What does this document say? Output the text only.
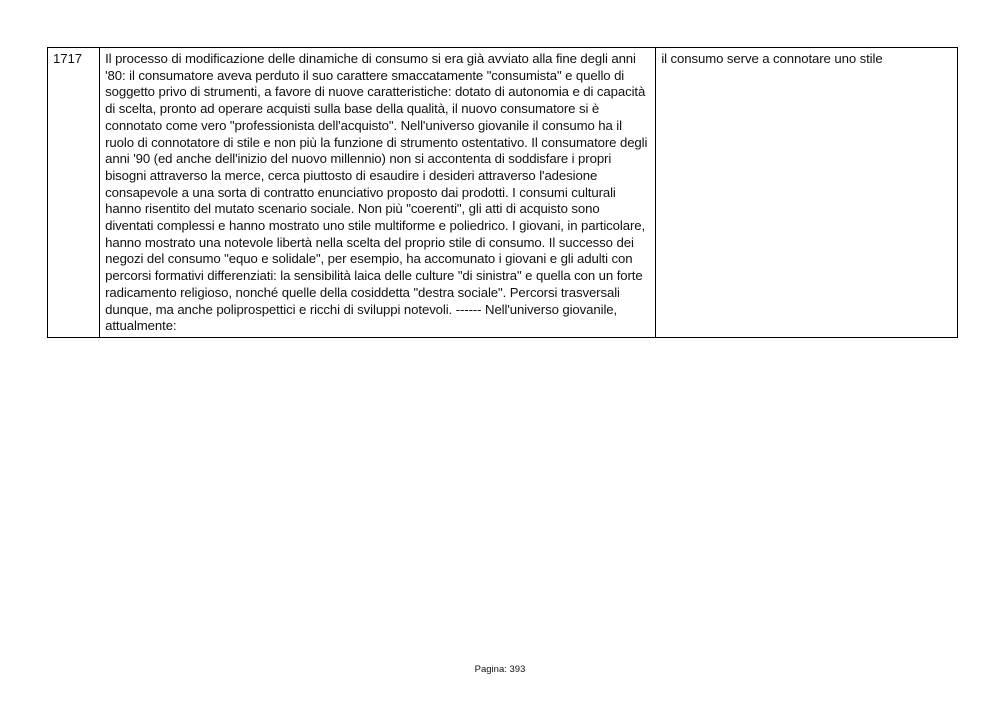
1717	Il processo di modificazione delle dinamiche di consumo si era già avviato alla fine degli anni '80: il consumatore aveva perduto il suo carattere smaccatamente "consumista" e quello di soggetto privo di strumenti, a favore di nuove caratteristiche: dotato di autonomia e di capacità di scelta, pronto ad operare acquisti sulla base della qualità, il nuovo consumatore si è connotato come vero "professionista dell'acquisto". Nell'universo giovanile il consumo ha il ruolo di connotatore di stile e non più la funzione di strumento ostentativo. Il consumatore degli anni '90 (ed anche dell'inizio del nuovo millennio) non si accontenta di soddisfare i propri bisogni attraverso la merce, cerca piuttosto di esaudire i desideri attraverso l'adesione consapevole a una sorta di contratto enunciativo proposto dai prodotti. I consumi culturali hanno risentito del mutato scenario sociale. Non più "coerenti", gli atti di acquisto sono diventati complessi e hanno mostrato uno stile multiforme e poliedrico. I giovani, in particolare, hanno mostrato una notevole libertà nella scelta del proprio stile di consumo. Il successo dei negozi del consumo "equo e solidale", per esempio, ha accomunato i giovani e gli adulti con percorsi formativi differenziati: la sensibilità laica delle culture "di sinistra" e quella con un forte radicamento religioso, nonché quelle della cosiddetta "destra sociale". Percorsi trasversali dunque, ma anche poliprospettici e ricchi di sviluppi notevoli. ------ Nell'universo giovanile, attualmente:	il consumo serve a connotare uno stile
Pagina: 393
